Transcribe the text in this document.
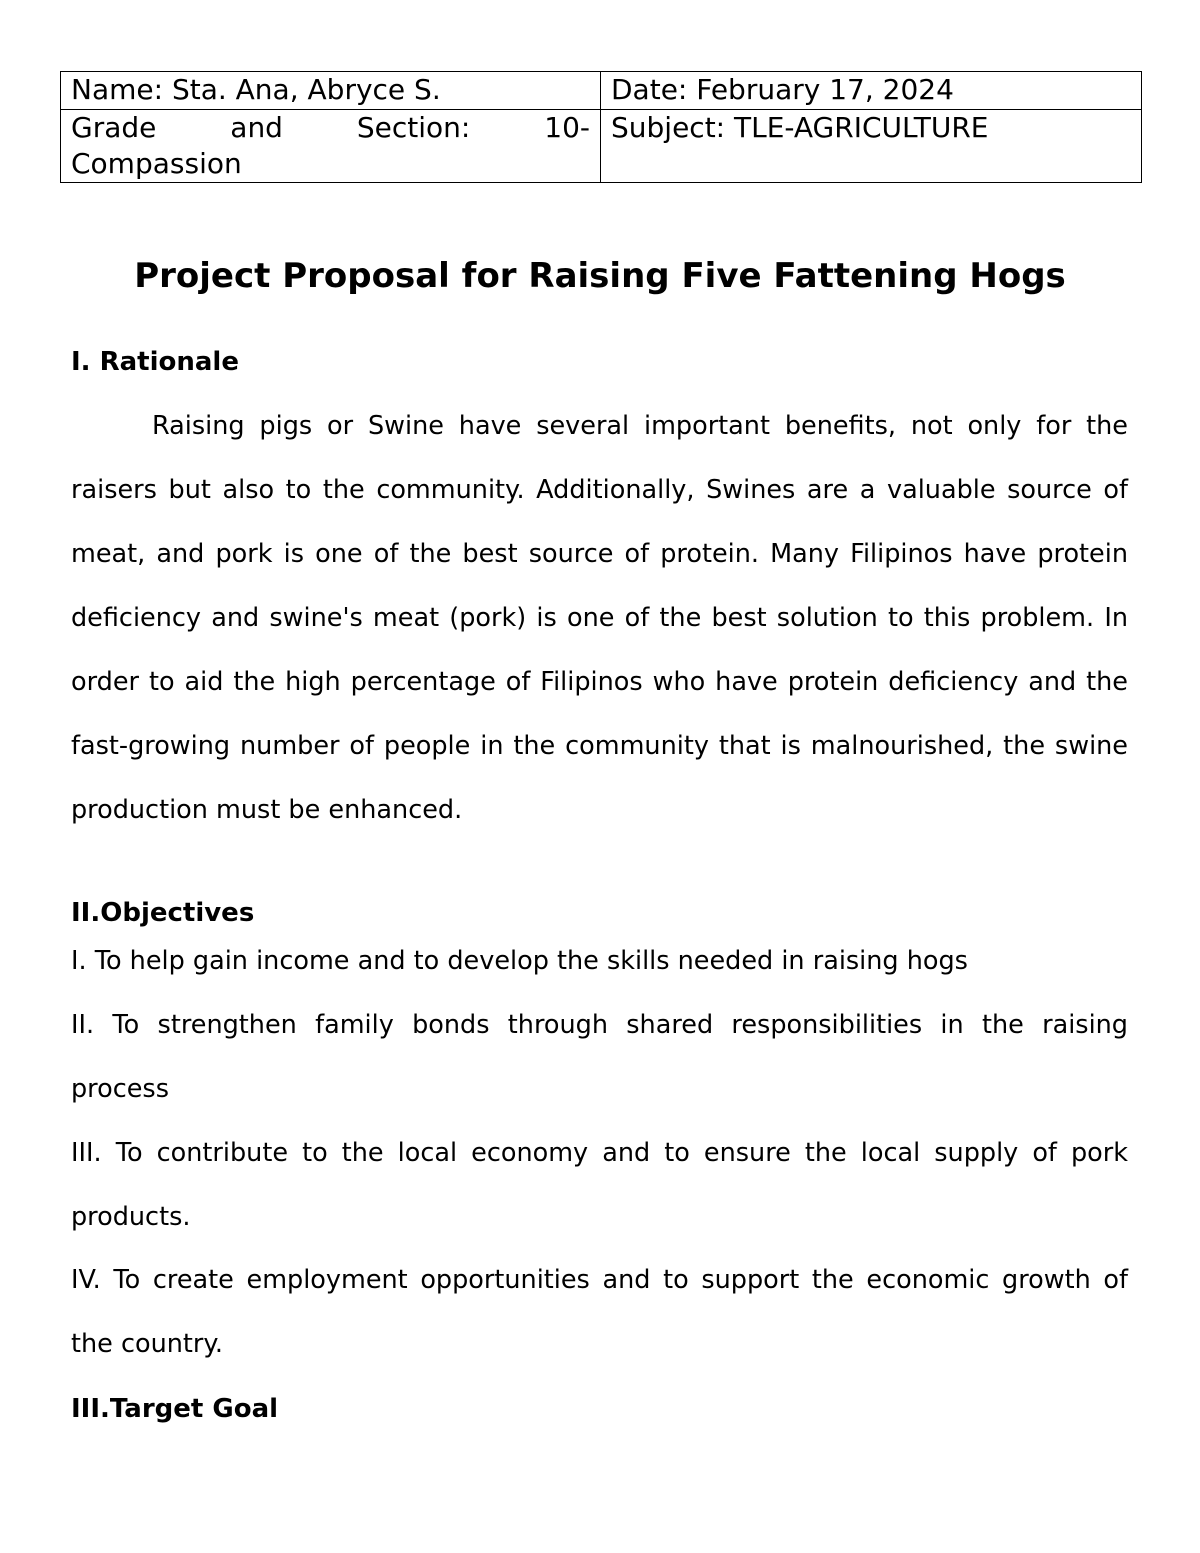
Name: Sta. Ana, Abryce S.	Date: February 17, 2024

Grade and Section: 10-
Compassion	Subject: TLE-AGRICULTURE
Project Proposal for Raising Five Fattening Hogs
I. Rationale
Raising pigs or Swine have several important benefits, not only for the raisers but also to the community. Additionally, Swines are a valuable source of meat, and pork is one of the best source of protein. Many Filipinos have protein deficiency and swine's meat (pork) is one of the best solution to this problem. In order to aid the high percentage of Filipinos who have protein deficiency and the fast-growing number of people in the community that is malnourished, the swine production must be enhanced.
II.Objectives
I. To help gain income and to develop the skills needed in raising hogs
II. To strengthen family bonds through shared responsibilities in the raising process
III. To contribute to the local economy and to ensure the local supply of pork products.
IV. To create employment opportunities and to support the economic growth of the country.
III.Target Goal
